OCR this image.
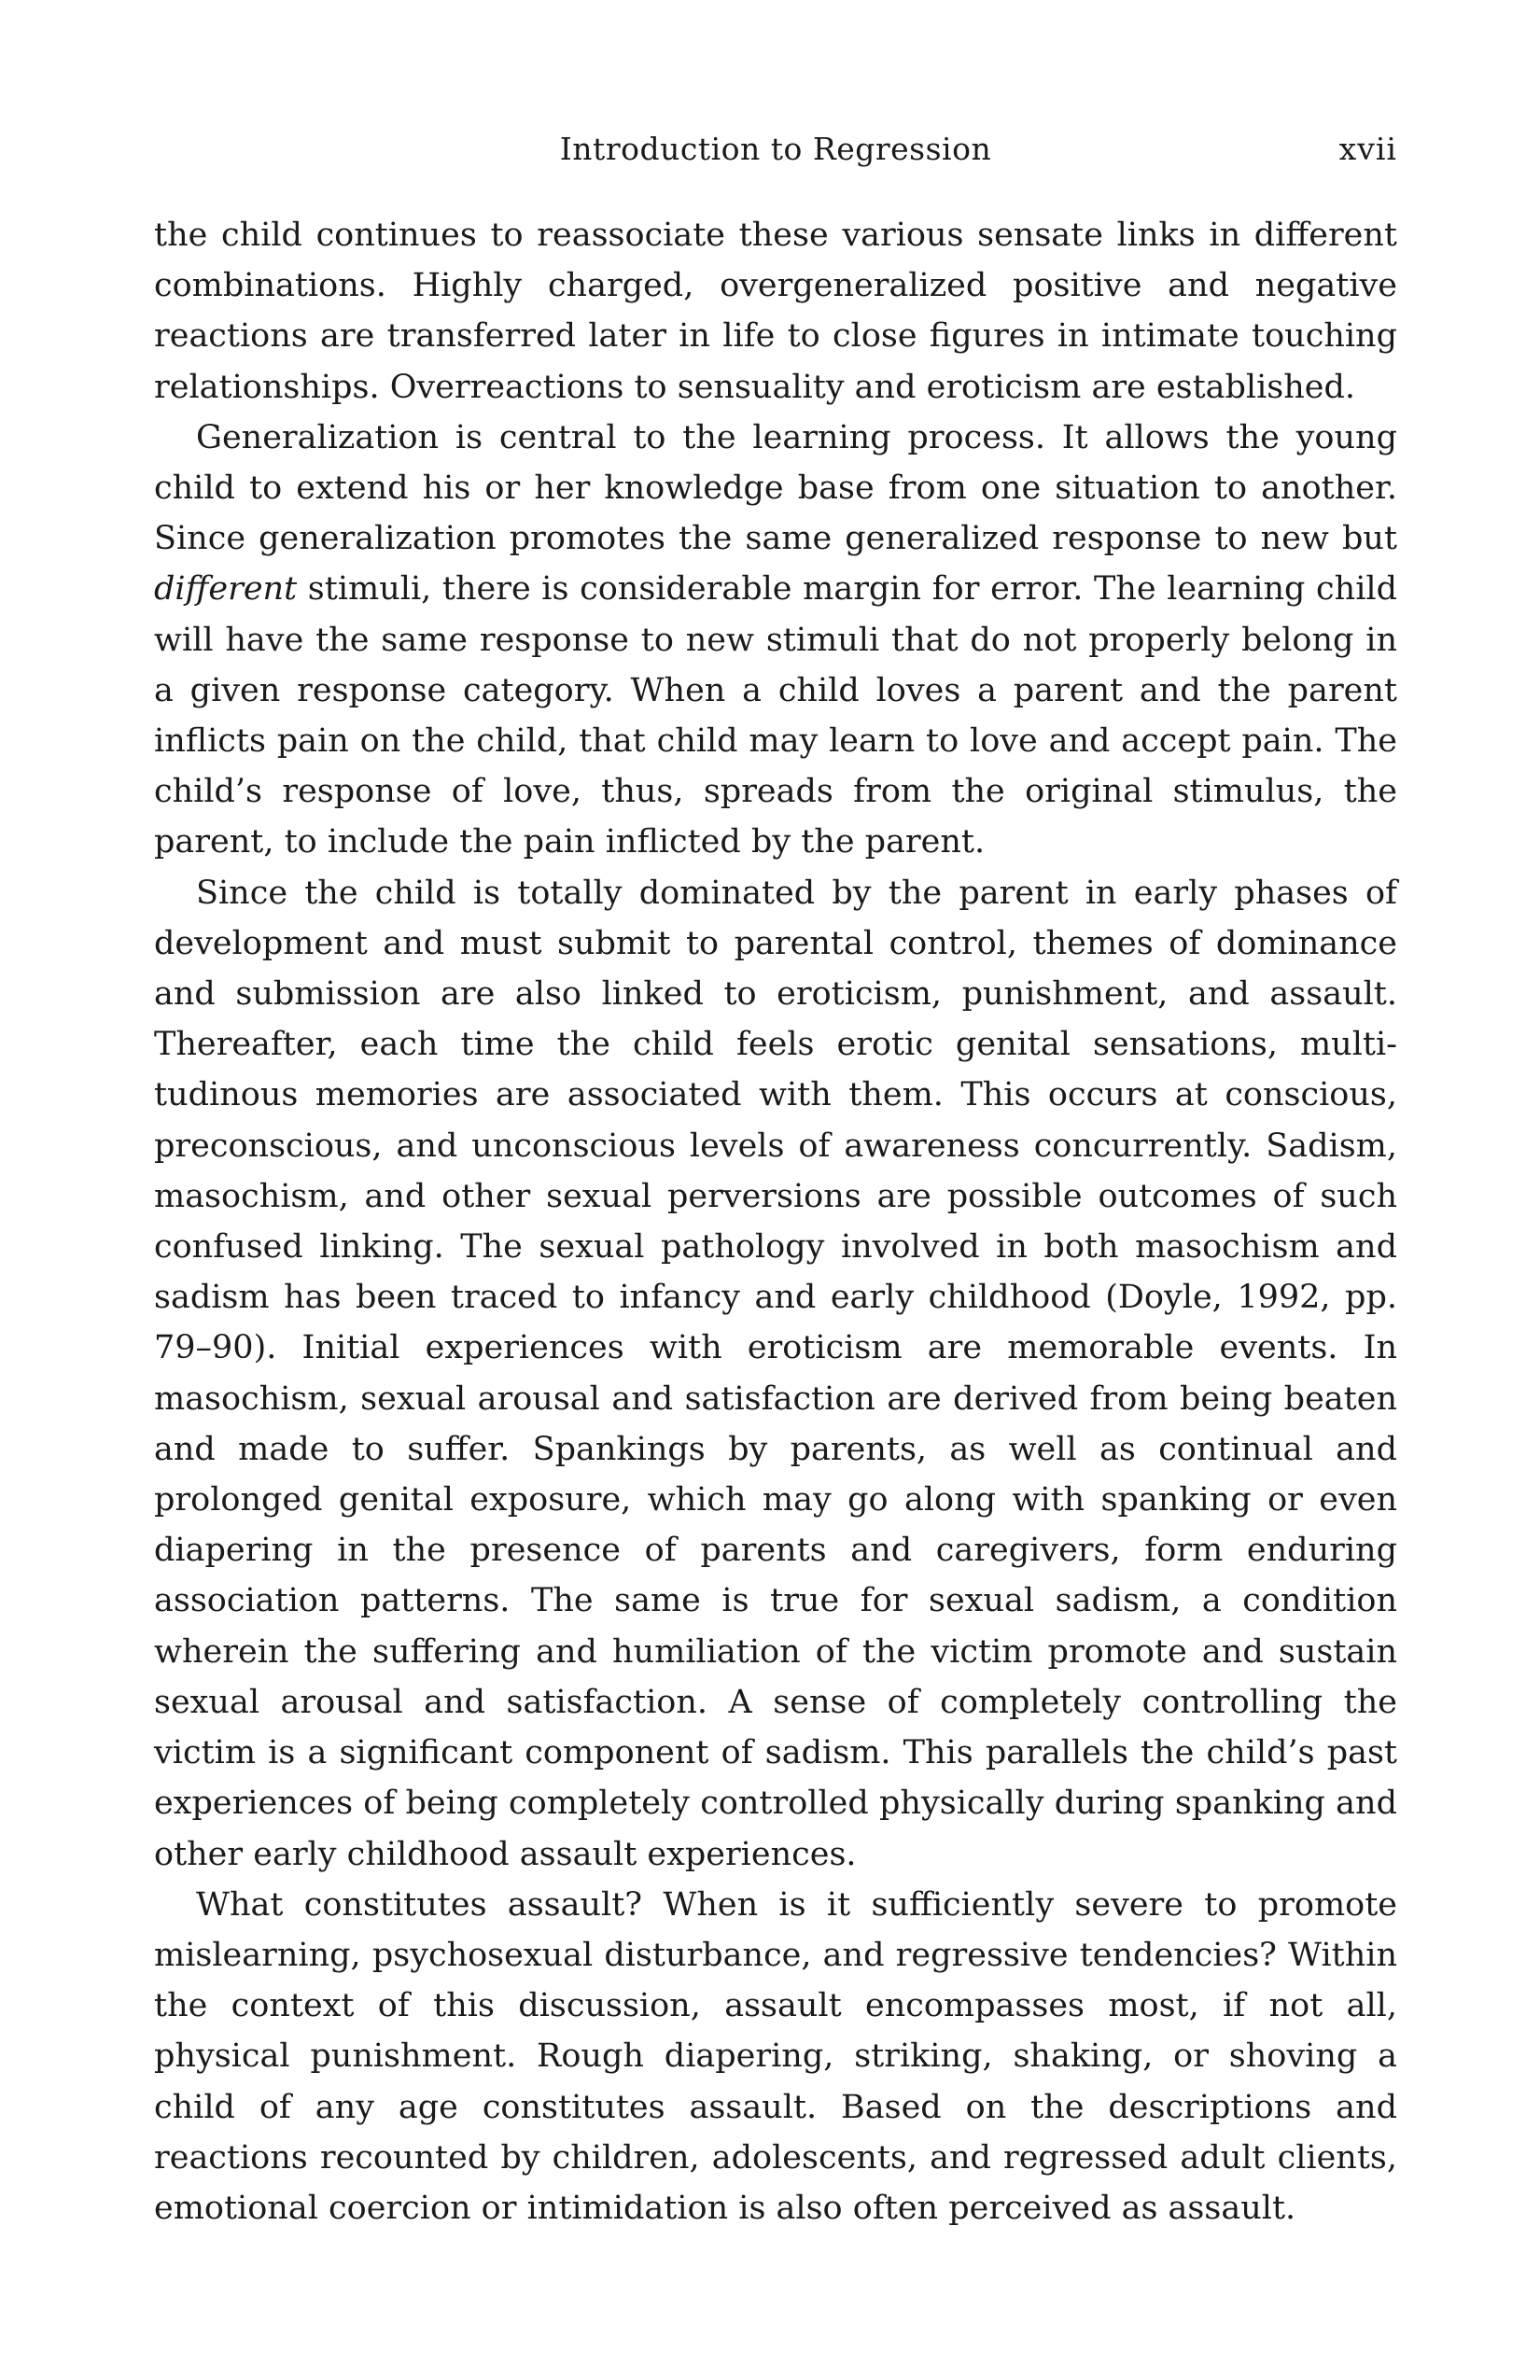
Introduction to Regression	xvii

the child continues to reassociate these various sensate links in different combinations. Highly charged, overgeneralized positive and negative reactions are transferred later in life to close figures in intimate touching relationships. Overreactions to sensuality and eroticism are established.

Generalization is central to the learning process. It allows the young child to extend his or her knowledge base from one situation to another. Since generalization promotes the same generalized response to new but different stimuli, there is considerable margin for error. The learning child will have the same response to new stimuli that do not properly belong in a given response category. When a child loves a parent and the parent inflicts pain on the child, that child may learn to love and accept pain. The child’s response of love, thus, spreads from the original stimulus, the parent, to include the pain inflicted by the parent.

Since the child is totally dominated by the parent in early phases of development and must submit to parental control, themes of dominance and submission are also linked to eroticism, punishment, and assault. Thereafter, each time the child feels erotic genital sensations, multitudinous memories are associated with them. This occurs at conscious, preconscious, and unconscious levels of awareness concurrently. Sadism, masochism, and other sexual perversions are possible outcomes of such confused linking. The sexual pathology involved in both masochism and sadism has been traced to infancy and early childhood (Doyle, 1992, pp. 79–90). Initial experiences with eroticism are memorable events. In masochism, sexual arousal and satisfaction are derived from being beaten and made to suffer. Spankings by parents, as well as continual and prolonged genital exposure, which may go along with spanking or even diapering in the presence of parents and caregivers, form enduring association patterns. The same is true for sexual sadism, a condition wherein the suffering and humiliation of the victim promote and sustain sexual arousal and satisfaction. A sense of completely controlling the victim is a significant component of sadism. This parallels the child’s past experiences of being completely controlled physically during spanking and other early childhood assault experiences.

What constitutes assault? When is it sufficiently severe to promote mislearning, psychosexual disturbance, and regressive tendencies? Within the context of this discussion, assault encompasses most, if not all, physical punishment. Rough diapering, striking, shaking, or shoving a child of any age constitutes assault. Based on the descriptions and reactions recounted by children, adolescents, and regressed adult clients, emotional coercion or intimidation is also often perceived as assault.
